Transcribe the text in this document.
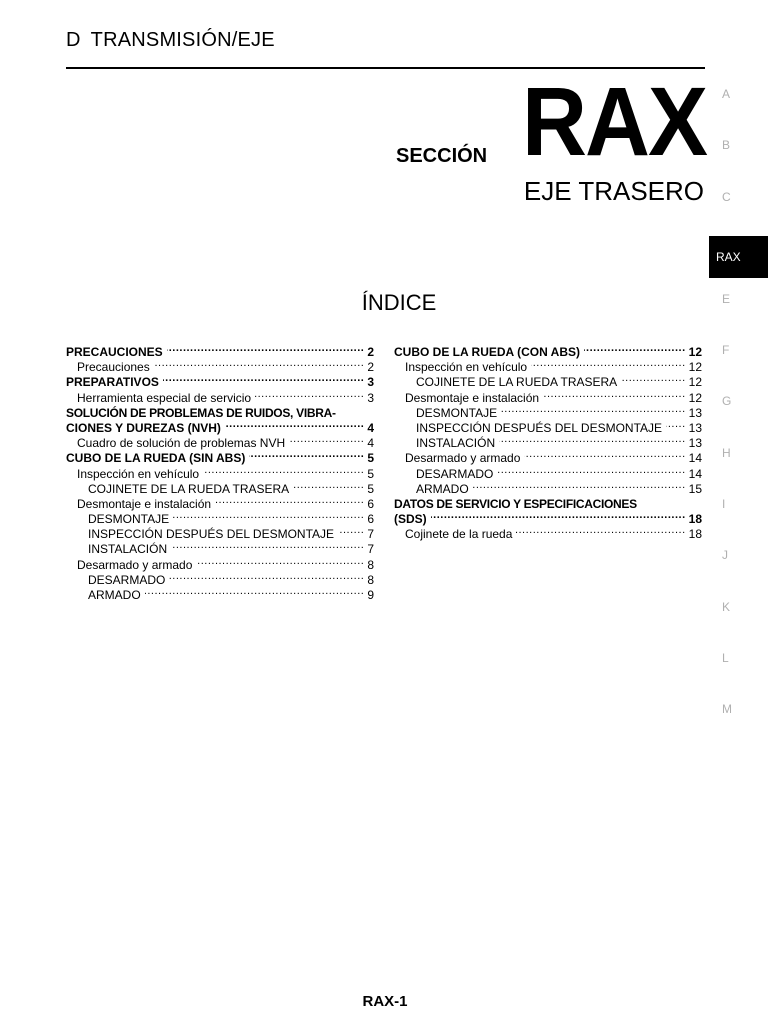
D TRANSMISIÓN/EJE
SECCIÓN RAX
EJE TRASERO
ÍNDICE
PRECAUCIONES .....	2
Precauciones .....	2
PREPARATIVOS .....	3
Herramienta especial de servicio .....	3
SOLUCIÓN DE PROBLEMAS DE RUIDOS, VIBRA-
CIONES Y DUREZAS (NVH) .....	4
Cuadro de solución de problemas NVH .....	4
CUBO DE LA RUEDA (SIN ABS) .....	5
Inspección en vehículo .....	5
COJINETE DE LA RUEDA TRASERA .....	5
Desmontaje e instalación .....	6
DESMONTAJE .....	6
INSPECCIÓN DESPUÉS DEL DESMONTAJE .....	7
INSTALACIÓN .....	7
Desarmado y armado .....	8
DESARMADO .....	8
ARMADO .....	9
CUBO DE LA RUEDA (CON ABS) .....	12
Inspección en vehículo .....	12
COJINETE DE LA RUEDA TRASERA .....	12
Desmontaje e instalación .....	12
DESMONTAJE .....	13
INSPECCIÓN DESPUÉS DEL DESMONTAJE ..... 13
INSTALACIÓN .....	13
Desarmado y armado .....	14
DESARMADO .....	14
ARMADO .....	15
DATOS DE SERVICIO Y ESPECIFICACIONES
(SDS) .....	18
Cojinete de la rueda .....	18
A
B
C
RAX
E
F
G
H
I
J
K
L
M
RAX-1
